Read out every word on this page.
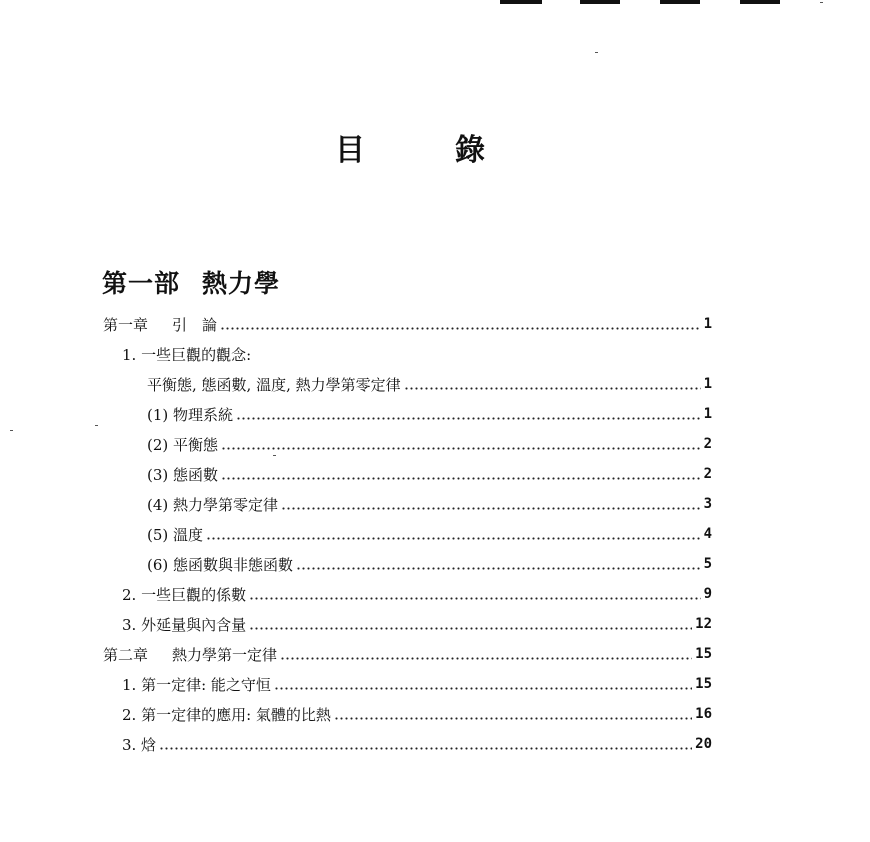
目	錄
第一部 熱力學
第一章 引　論	1
1. 一些巨觀的觀念:
平衡態, 態函數, 溫度, 熱力學第零定律	1
(1) 物理系統	1
(2) 平衡態	2
(3) 態函數	2
(4) 熱力學第零定律	3
(5) 溫度	4
(6) 態函數與非態函數	5
2. 一些巨觀的係數	9
3. 外延量與內含量	12
第二章 熱力學第一定律	15
1. 第一定律: 能之守恒	15
2. 第一定律的應用: 氣體的比熱	16
3. 焓	20
